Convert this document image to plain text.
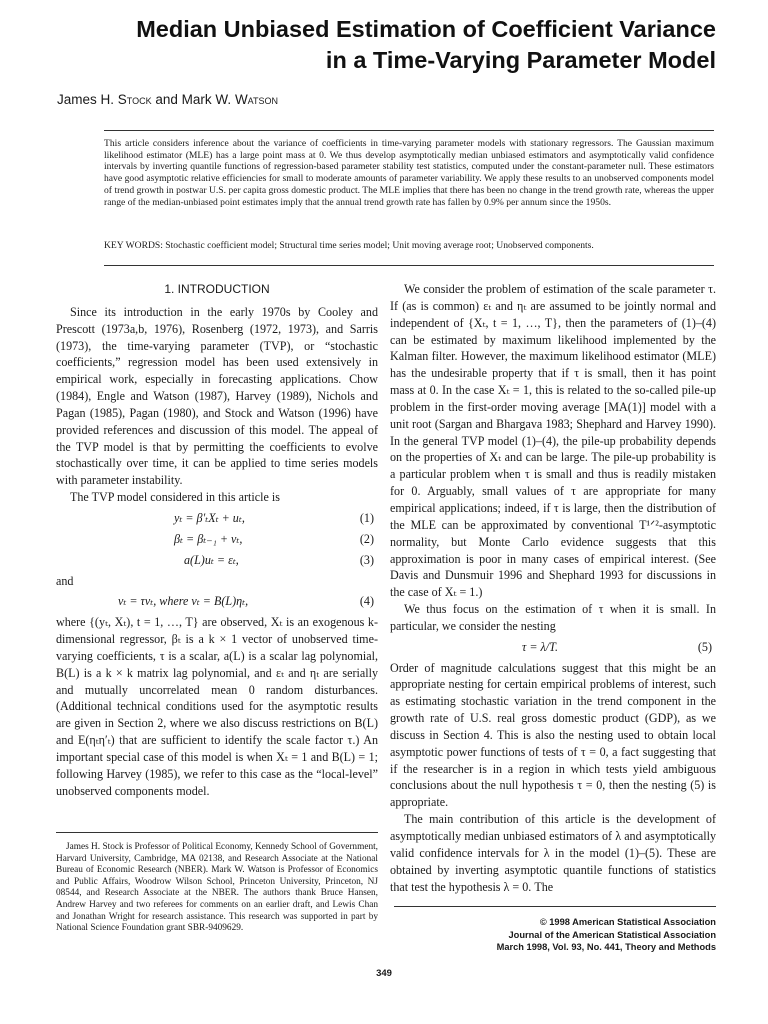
Median Unbiased Estimation of Coefficient Variance
in a Time-Varying Parameter Model
James H. Stock and Mark W. Watson
This article considers inference about the variance of coefficients in time-varying parameter models with stationary regressors. The Gaussian maximum likelihood estimator (MLE) has a large point mass at 0. We thus develop asymptotically median unbiased estimators and asymptotically valid confidence intervals by inverting quantile functions of regression-based parameter stability test statistics, computed under the constant-parameter null. These estimators have good asymptotic relative efficiencies for small to moderate amounts of parameter variability. We apply these results to an unobserved components model of trend growth in postwar U.S. per capita gross domestic product. The MLE implies that there has been no change in the trend growth rate, whereas the upper range of the median-unbiased point estimates imply that the annual trend growth rate has fallen by 0.9% per annum since the 1950s.
KEY WORDS: Stochastic coefficient model; Structural time series model; Unit moving average root; Unobserved components.

1. INTRODUCTION

Since its introduction in the early 1970s by Cooley and Prescott (1973a,b, 1976), Rosenberg (1972, 1973), and Sarris (1973), the time-varying parameter (TVP), or “stochastic coefficients,” regression model has been used extensively in empirical work, especially in forecasting applications. Chow (1984), Engle and Watson (1987), Harvey (1989), Nichols and Pagan (1985), Pagan (1980), and Stock and Watson (1996) have provided references and discussion of this model. The appeal of the TVP model is that by permitting the coefficients to evolve stochastically over time, it can be applied to time series models with parameter instability.

The TVP model considered in this article is

yₜ = β′ₜXₜ + uₜ,	(1)
βₜ = βₜ₋₁ + vₜ,	(2)
a(L)uₜ = εₜ,	(3)

and

vₜ = τνₜ, where νₜ = B(L)ηₜ,	(4)

where {(yₜ, Xₜ), t = 1, …, T} are observed, Xₜ is an exogenous k-dimensional regressor, βₜ is a k × 1 vector of unobserved time-varying coefficients, τ is a scalar, a(L) is a scalar lag polynomial, B(L) is a k × k matrix lag polynomial, and εₜ and ηₜ are serially and mutually uncorrelated mean 0 random disturbances. (Additional technical conditions used for the asymptotic results are given in Section 2, where we also discuss restrictions on B(L) and E(ηₜη′ₜ) that are sufficient to identify the scale factor τ.) An important special case of this model is when Xₜ = 1 and B(L) = 1; following Harvey (1985), we refer to this case as the “local-level” unobserved components model.

James H. Stock is Professor of Political Economy, Kennedy School of Government, Harvard University, Cambridge, MA 02138, and Research Associate at the National Bureau of Economic Research (NBER). Mark W. Watson is Professor of Economics and Public Affairs, Woodrow Wilson School, Princeton University, Princeton, NJ 08544, and Research Associate at the NBER. The authors thank Bruce Hansen, Andrew Harvey and two referees for comments on an earlier draft, and Lewis Chan and Jonathan Wright for research assistance. This research was supported in part by National Science Foundation grant SBR-9409629.

We consider the problem of estimation of the scale parameter τ. If (as is common) εₜ and ηₜ are assumed to be jointly normal and independent of {Xₜ, t = 1, …, T}, then the parameters of (1)–(4) can be estimated by maximum likelihood implemented by the Kalman filter. However, the maximum likelihood estimator (MLE) has the undesirable property that if τ is small, then it has point mass at 0. In the case Xₜ = 1, this is related to the so-called pile-up problem in the first-order moving average [MA(1)] model with a unit root (Sargan and Bhargava 1983; Shephard and Harvey 1990). In the general TVP model (1)–(4), the pile-up probability depends on the properties of Xₜ and can be large. The pile-up probability is a particular problem when τ is small and thus is readily mistaken for 0. Arguably, small values of τ are appropriate for many empirical applications; indeed, if τ is large, then the distribution of the MLE can be approximated by conventional T¹ᐟ²-asymptotic normality, but Monte Carlo evidence suggests that this approximation is poor in many cases of empirical interest. (See Davis and Dunsmuir 1996 and Shephard 1993 for discussions in the case of Xₜ = 1.)

We thus focus on the estimation of τ when it is small. In particular, we consider the nesting

τ = λ/T.	(5)

Order of magnitude calculations suggest that this might be an appropriate nesting for certain empirical problems of interest, such as estimating stochastic variation in the trend component in the growth rate of U.S. real gross domestic product (GDP), as we discuss in Section 4. This is also the nesting used to obtain local asymptotic power functions of tests of τ = 0, a fact suggesting that if the researcher is in a region in which tests yield ambiguous conclusions about the null hypothesis τ = 0, then the nesting (5) is appropriate.

The main contribution of this article is the development of asymptotically median unbiased estimators of λ and asymptotically valid confidence intervals for λ in the model (1)–(5). These are obtained by inverting asymptotic quantile functions of statistics that test the hypothesis λ = 0. The

© 1998 American Statistical Association
Journal of the American Statistical Association
March 1998, Vol. 93, No. 441, Theory and Methods
349
